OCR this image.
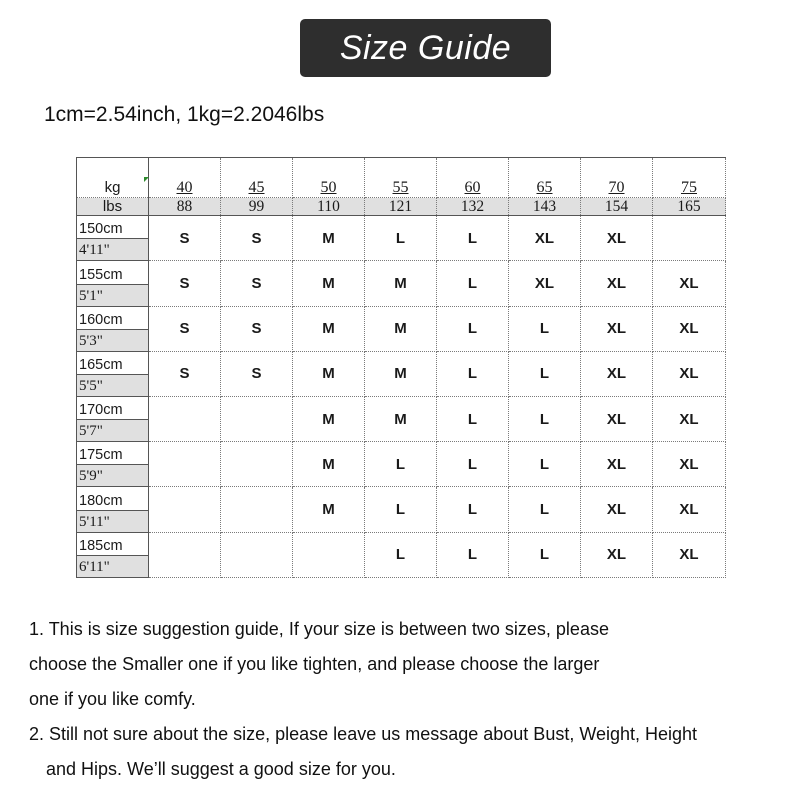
Size Guide
1cm=2.54inch, 1kg=2.2046lbs
kg	40	45	50	55	60	65	70	75
lbs	88	99	110	121	132	143	154	165

150cm
4'11"	S	S	M	L	L	XL	XL	

155cm
5'1"	S	S	M	M	L	XL	XL	XL

160cm
5'3"	S	S	M	M	L	L	XL	XL

165cm
5'5"	S	S	M	M	L	L	XL	XL

170cm
5'7"			M	M	L	L	XL	XL

175cm
5'9"			M	L	L	L	XL	XL

180cm
5'11"			M	L	L	L	XL	XL

185cm
6'11"				L	L	L	XL	XL
1. This is size suggestion guide, If your size is between two sizes, please
choose the Smaller one if you like tighten, and please choose the larger
one if you like comfy.
2. Still not sure about the size, please leave us message about Bust, Weight, Height
and Hips. We’ll suggest a good size for you.
